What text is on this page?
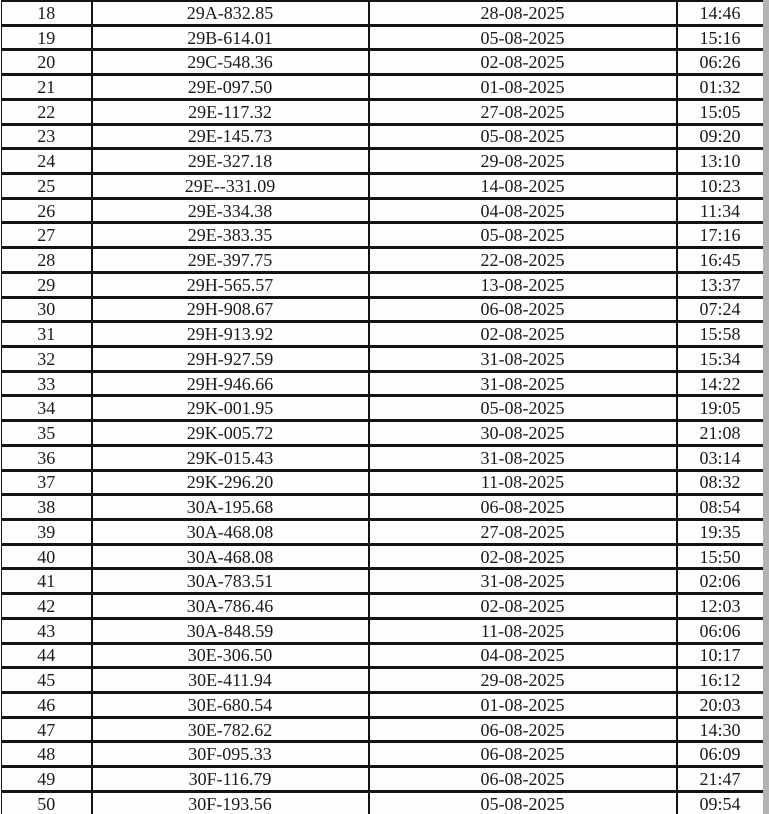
18	29A-832.85	28-08-2025	14:46
19	29B-614.01	05-08-2025	15:16
20	29C-548.36	02-08-2025	06:26
21	29E-097.50	01-08-2025	01:32
22	29E-117.32	27-08-2025	15:05
23	29E-145.73	05-08-2025	09:20
24	29E-327.18	29-08-2025	13:10
25	29E--331.09	14-08-2025	10:23
26	29E-334.38	04-08-2025	11:34
27	29E-383.35	05-08-2025	17:16
28	29E-397.75	22-08-2025	16:45
29	29H-565.57	13-08-2025	13:37
30	29H-908.67	06-08-2025	07:24
31	29H-913.92	02-08-2025	15:58
32	29H-927.59	31-08-2025	15:34
33	29H-946.66	31-08-2025	14:22
34	29K-001.95	05-08-2025	19:05
35	29K-005.72	30-08-2025	21:08
36	29K-015.43	31-08-2025	03:14
37	29K-296.20	11-08-2025	08:32
38	30A-195.68	06-08-2025	08:54
39	30A-468.08	27-08-2025	19:35
40	30A-468.08	02-08-2025	15:50
41	30A-783.51	31-08-2025	02:06
42	30A-786.46	02-08-2025	12:03
43	30A-848.59	11-08-2025	06:06
44	30E-306.50	04-08-2025	10:17
45	30E-411.94	29-08-2025	16:12
46	30E-680.54	01-08-2025	20:03
47	30E-782.62	06-08-2025	14:30
48	30F-095.33	06-08-2025	06:09
49	30F-116.79	06-08-2025	21:47
50	30F-193.56	05-08-2025	09:54
